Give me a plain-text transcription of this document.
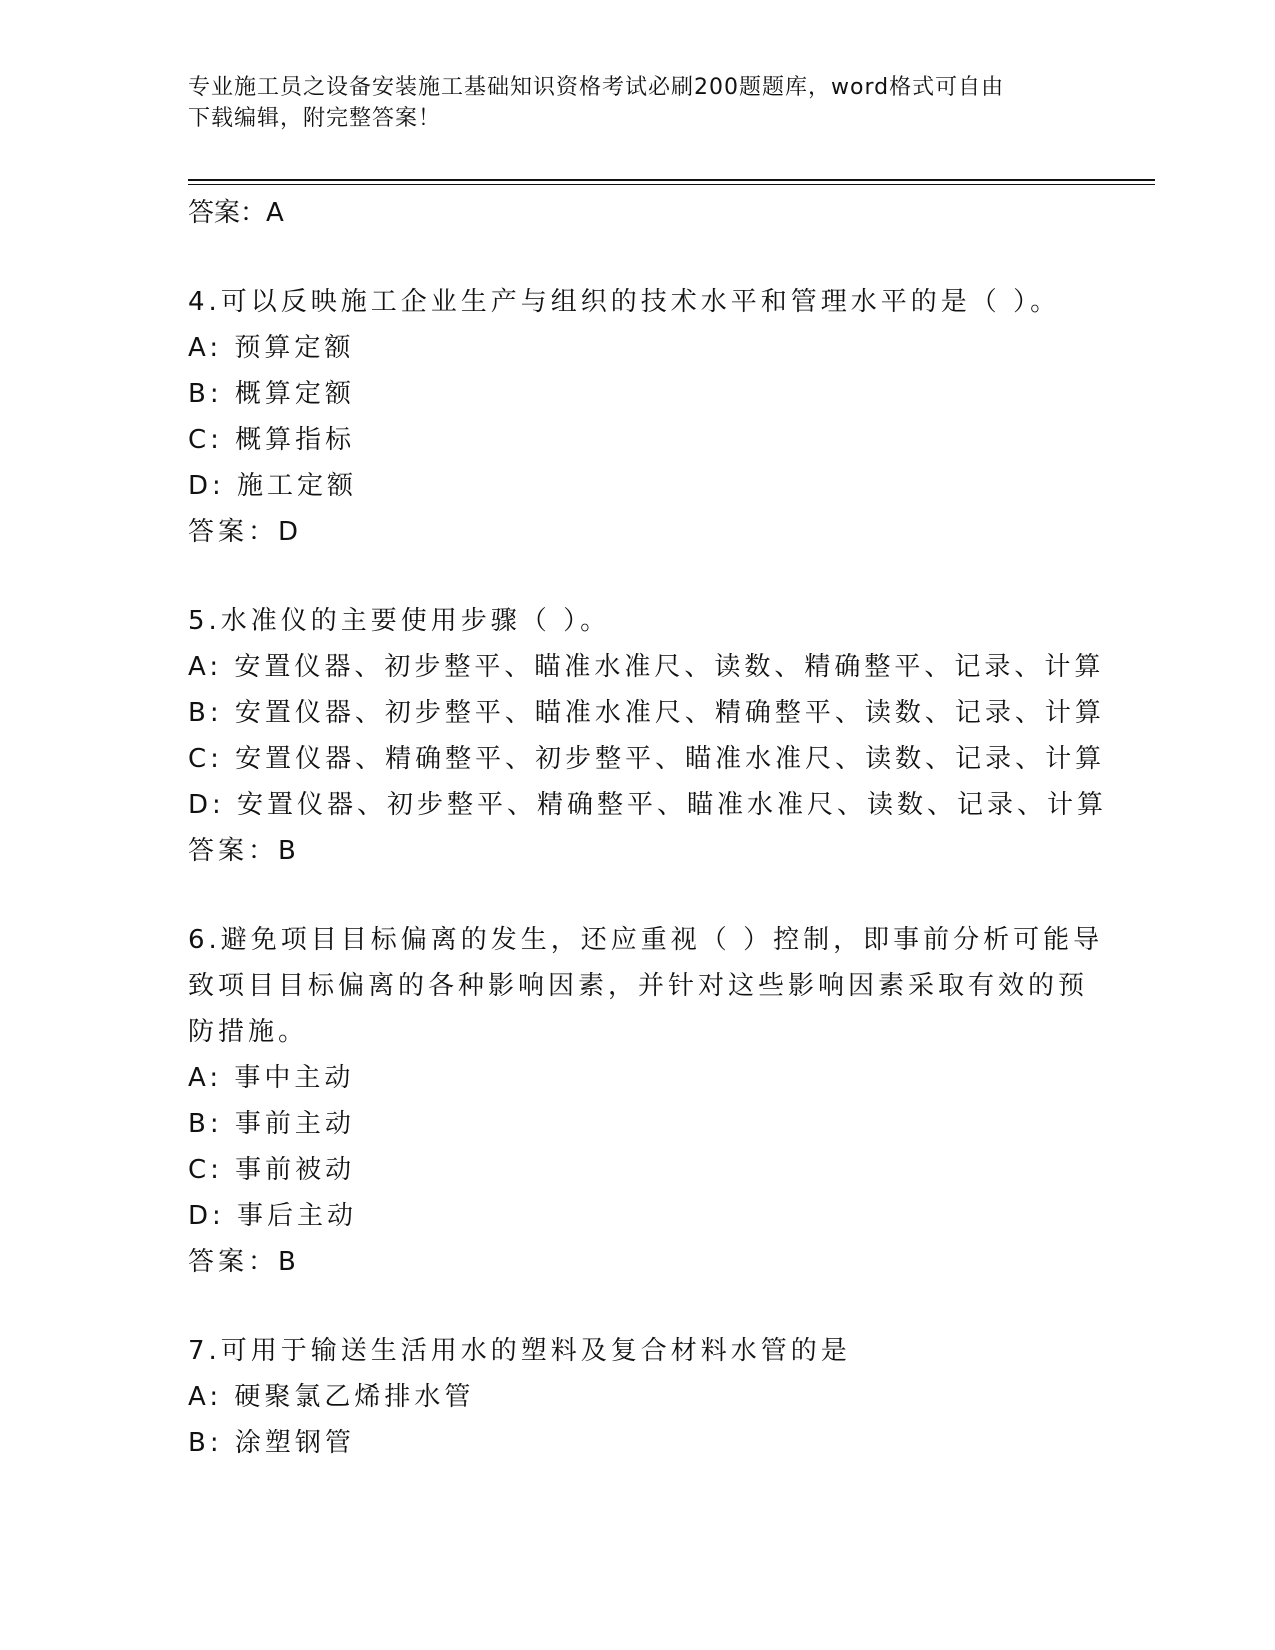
专业施工员之设备安装施工基础知识资格考试必刷200题题库，word格式可自由
下载编辑，附完整答案！
答案：A
4.可以反映施工企业生产与组织的技术水平和管理水平的是（ ）。
A: 预算定额
B: 概算定额
C: 概算指标
D: 施工定额
答案：D
5.水准仪的主要使用步骤（ ）。
A: 安置仪器、初步整平、瞄准水准尺、读数、精确整平、记录、计算
B: 安置仪器、初步整平、瞄准水准尺、精确整平、读数、记录、计算
C: 安置仪器、精确整平、初步整平、瞄准水准尺、读数、记录、计算
D: 安置仪器、初步整平、精确整平、瞄准水准尺、读数、记录、计算
答案：B
6.避免项目目标偏离的发生，还应重视（ ）控制，即事前分析可能导
致项目目标偏离的各种影响因素，并针对这些影响因素采取有效的预
防措施。
A: 事中主动
B: 事前主动
C: 事前被动
D: 事后主动
答案：B
7.可用于输送生活用水的塑料及复合材料水管的是
A: 硬聚氯乙烯排水管
B: 涂塑钢管
